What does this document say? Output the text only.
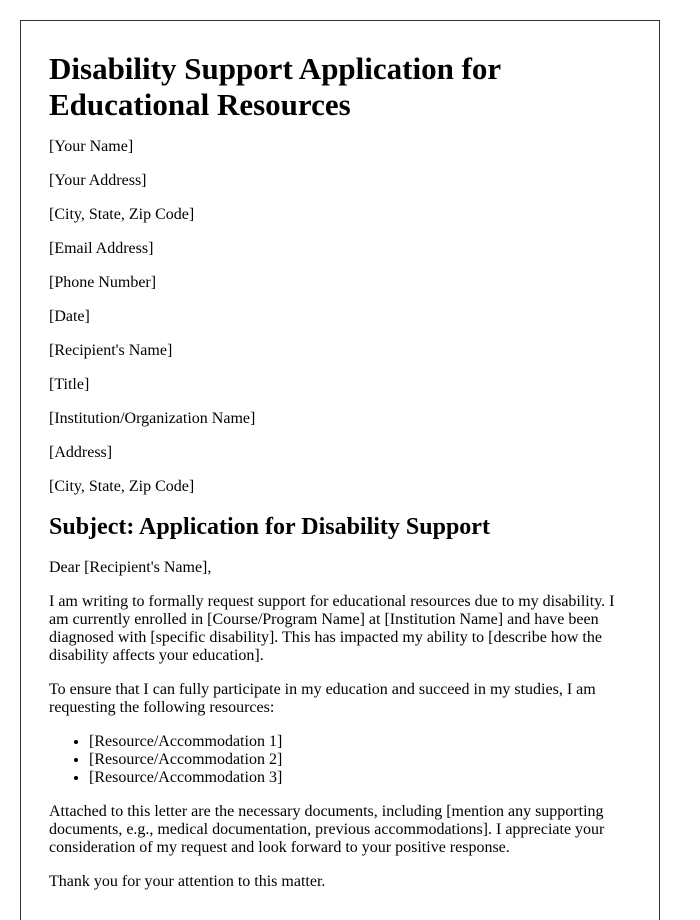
Disability Support Application for Educational Resources
[Your Name]
[Your Address]
[City, State, Zip Code]
[Email Address]
[Phone Number]
[Date]
[Recipient's Name]
[Title]
[Institution/Organization Name]
[Address]
[City, State, Zip Code]
Subject: Application for Disability Support

Dear [Recipient's Name],

I am writing to formally request support for educational resources due to my disability. I am currently enrolled in [Course/Program Name] at [Institution Name] and have been diagnosed with [specific disability]. This has impacted my ability to [describe how the disability affects your education].

To ensure that I can fully participate in my education and succeed in my studies, I am requesting the following resources:

• [Resource/Accommodation 1]
• [Resource/Accommodation 2]
• [Resource/Accommodation 3]

Attached to this letter are the necessary documents, including [mention any supporting documents, e.g., medical documentation, previous accommodations]. I appreciate your consideration of my request and look forward to your positive response.

Thank you for your attention to this matter.
